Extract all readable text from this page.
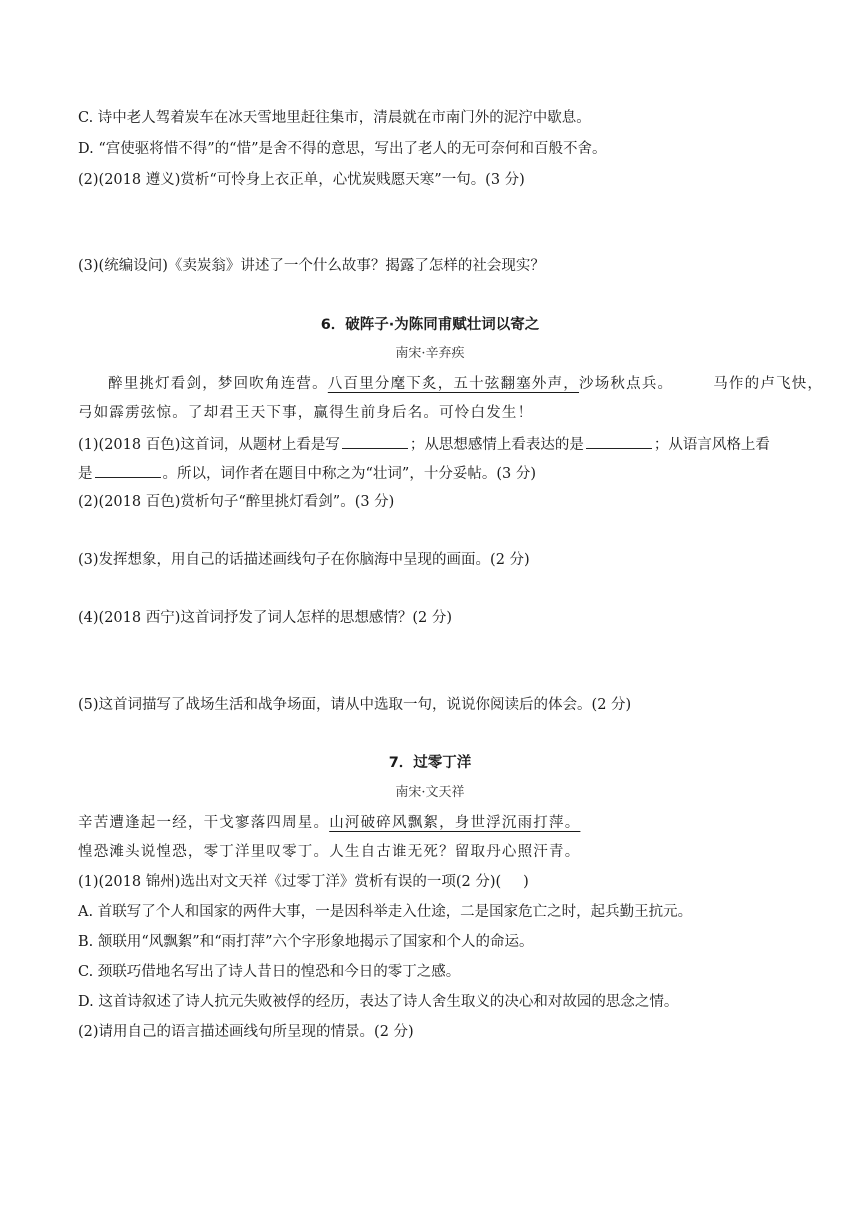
C. 诗中老人驾着炭车在冰天雪地里赶往集市，清晨就在市南门外的泥泞中歇息。
D. “宫使驱将惜不得”的“惜”是舍不得的意思，写出了老人的无可奈何和百般不舍。
(2)(2018 遵义)赏析“可怜身上衣正单，心忧炭贱愿天寒”一句。(3 分)
(3)(统编设问)《卖炭翁》讲述了一个什么故事？揭露了怎样的社会现实？
6．破阵子·为陈同甫赋壮词以寄之
南宋·辛弃疾
醉里挑灯看剑，梦回吹角连营。八百里分麾下炙，五十弦翻塞外声，沙场秋点兵。	马作的卢飞快，
弓如霹雳弦惊。了却君王天下事，赢得生前身后名。可怜白发生！
(1)(2018 百色)这首词，从题材上看是写	；从思想感情上看表达的是	；从语言风格上看
是	。所以，词作者在题目中称之为“壮词”，十分妥帖。(3 分)
(2)(2018 百色)赏析句子“醉里挑灯看剑”。(3 分)
(3)发挥想象，用自己的话描述画线句子在你脑海中呈现的画面。(2 分)
(4)(2018 西宁)这首词抒发了词人怎样的思想感情？(2 分)
(5)这首词描写了战场生活和战争场面，请从中选取一句，说说你阅读后的体会。(2 分)
7．过零丁洋
南宋·文天祥
辛苦遭逢起一经，干戈寥落四周星。山河破碎风飘絮，身世浮沉雨打萍。
惶恐滩头说惶恐，零丁洋里叹零丁。人生自古谁无死？留取丹心照汗青。
(1)(2018 锦州)选出对文天祥《过零丁洋》赏析有误的一项(2 分)( )
A. 首联写了个人和国家的两件大事，一是因科举走入仕途，二是国家危亡之时，起兵勤王抗元。
B. 颔联用“风飘絮”和“雨打萍”六个字形象地揭示了国家和个人的命运。
C. 颈联巧借地名写出了诗人昔日的惶恐和今日的零丁之感。
D. 这首诗叙述了诗人抗元失败被俘的经历，表达了诗人舍生取义的决心和对故园的思念之情。
(2)请用自己的语言描述画线句所呈现的情景。(2 分)
